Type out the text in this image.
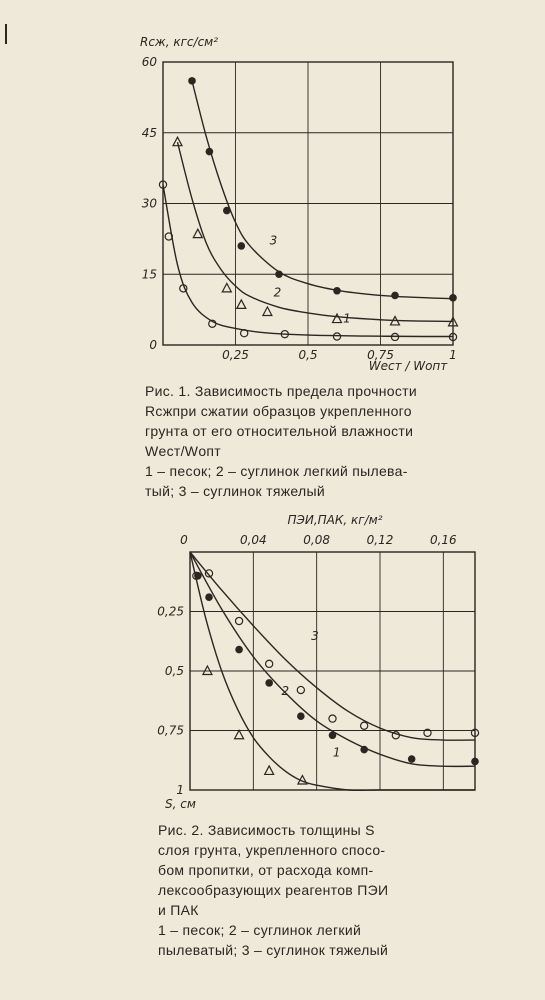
0,25	0,5	0,75	1
0
15
30
45
60
Rсж, кгс/см²
Wест / Wопт
1
2
3
0	0,04	0,08	0,12	0,16
0,25
0,5
0,75
1
ПЭИ,ПАК, кг/м²
S, см
1
2
3
Рис. 1. Зависимость предела прочности
Rсжпри сжатии образцов укрепленного
грунта от его относительной влажности
Wест/Wопт
1 – песок; 2 – суглинок легкий пылева-
тый; 3 – суглинок тяжелый
Рис. 2. Зависимость толщины S
слоя грунта, укрепленного спосо-
бом пропитки, от расхода комп-
лексообразующих реагентов ПЭИ
и ПАК
1 – песок; 2 – суглинок легкий
пылеватый; 3 – суглинок тяжелый
